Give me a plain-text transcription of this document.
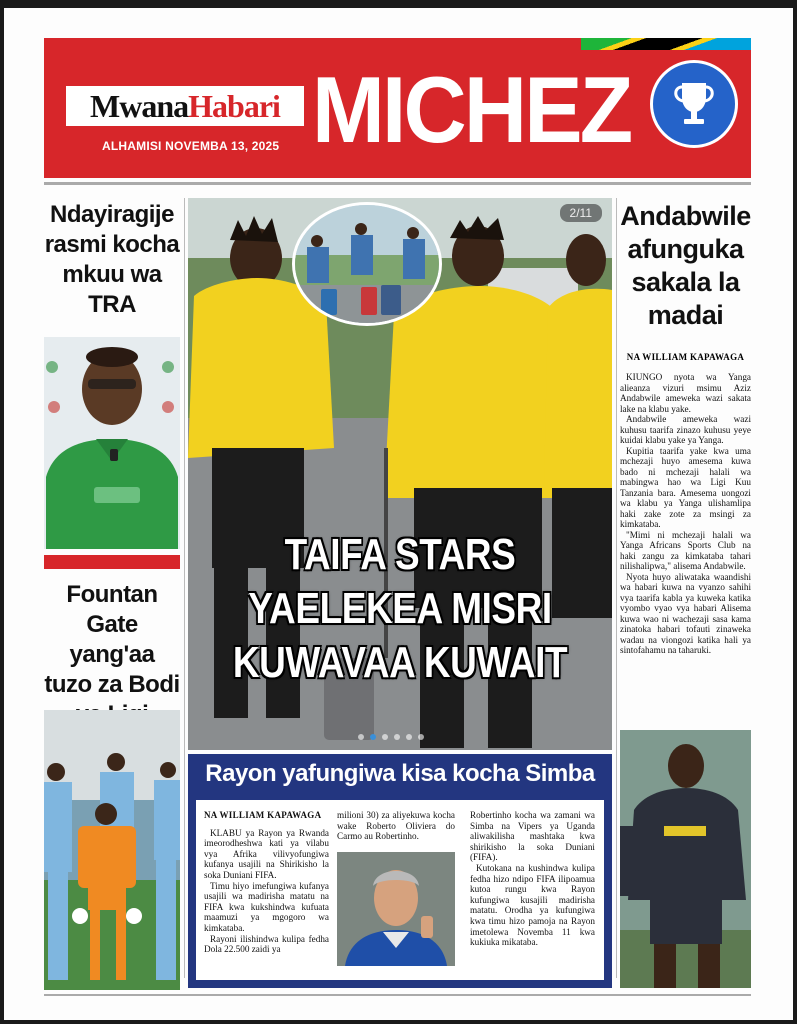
Mwana Habari
ALHAMISI NOVEMBA 13, 2025 MICHEZ
Ndayiragije rasmi kocha mkuu wa TRA
Fountan Gate yang'aa tuzo za Bodi
2/11
TAIFA STARS
YAELEKEA MISRI
KUWAVAA KUWAIT
Rayon yafungiwa kisa kocha Simba

NA WILLIAM KAPAWAGA

KLABU ya Rayon ya Rwanda imeorodheshwa kati ya vilabu vya Afrika vilivyofungiwa kufanya usajili na Shirikisho la soka Duniani FIFA.

Timu hiyo imefungiwa kufanya usajili wa madirisha matatu na FIFA kwa kukshindwa kufuata maamuzi ya mgogoro wa kimkataba.

Rayoni ilishindwa kulipa fedha Dola 22.500 zaidi ya

milioni 30) za aliyekuwa kocha wake Roberto Oliviera do Carmo au Robertinho.

Robertinho kocha wa zamani wa Simba na Vipers ya Uganda aliwakilisha mashtaka kwa shirikisho la soka Duniani (FIFA).

Kutokana na kushindwa kulipa fedha hizo ndipo FIFA ilipoamua kutoa rungu kwa Rayon kufungiwa kusajili madirisha matatu. Orodha ya kufungiwa kwa timu hizo pamoja na Rayon imetolewa Novemba 11 kwa kukiuka mikataba.

Andabwile afunguka sakala la madai
NA WILLIAM KAPAWAGA

KIUNGO nyota wa Yanga alieanza vizuri msimu Aziz Andabwile ameweka wazi sakata lake na klabu yake.

Andabwile ameweka wazi kuhusu taarifa zinazo kuhusu yeye kuidai klabu yake ya Yanga.

Kupitia taarifa yake kwa uma mchezaji huyo amesema kuwa bado ni mchezaji halali wa mabingwa hao wa Ligi Kuu Tanzania bara. Amesema uongozi wa klabu ya Yanga ulishamlipa haki zake zote za msingi za kimkataba.

"Mimi ni mchezaji halali wa Yanga Africans Sports Club na haki zangu za kimkataba tahari nilishalipwa," alisema Andabwile.

Nyota huyo aliwataka waandishi wa habari kuwa na vyanzo sahihi vya taarifa kabla ya kuweka katika vyombo vyao vya habari Alisema kuwa wao ni wachezaji sasa kama zinatoka habari tofauti zinaweka wadau na viongozi katika hali ya sintofahamu na taharuki.
